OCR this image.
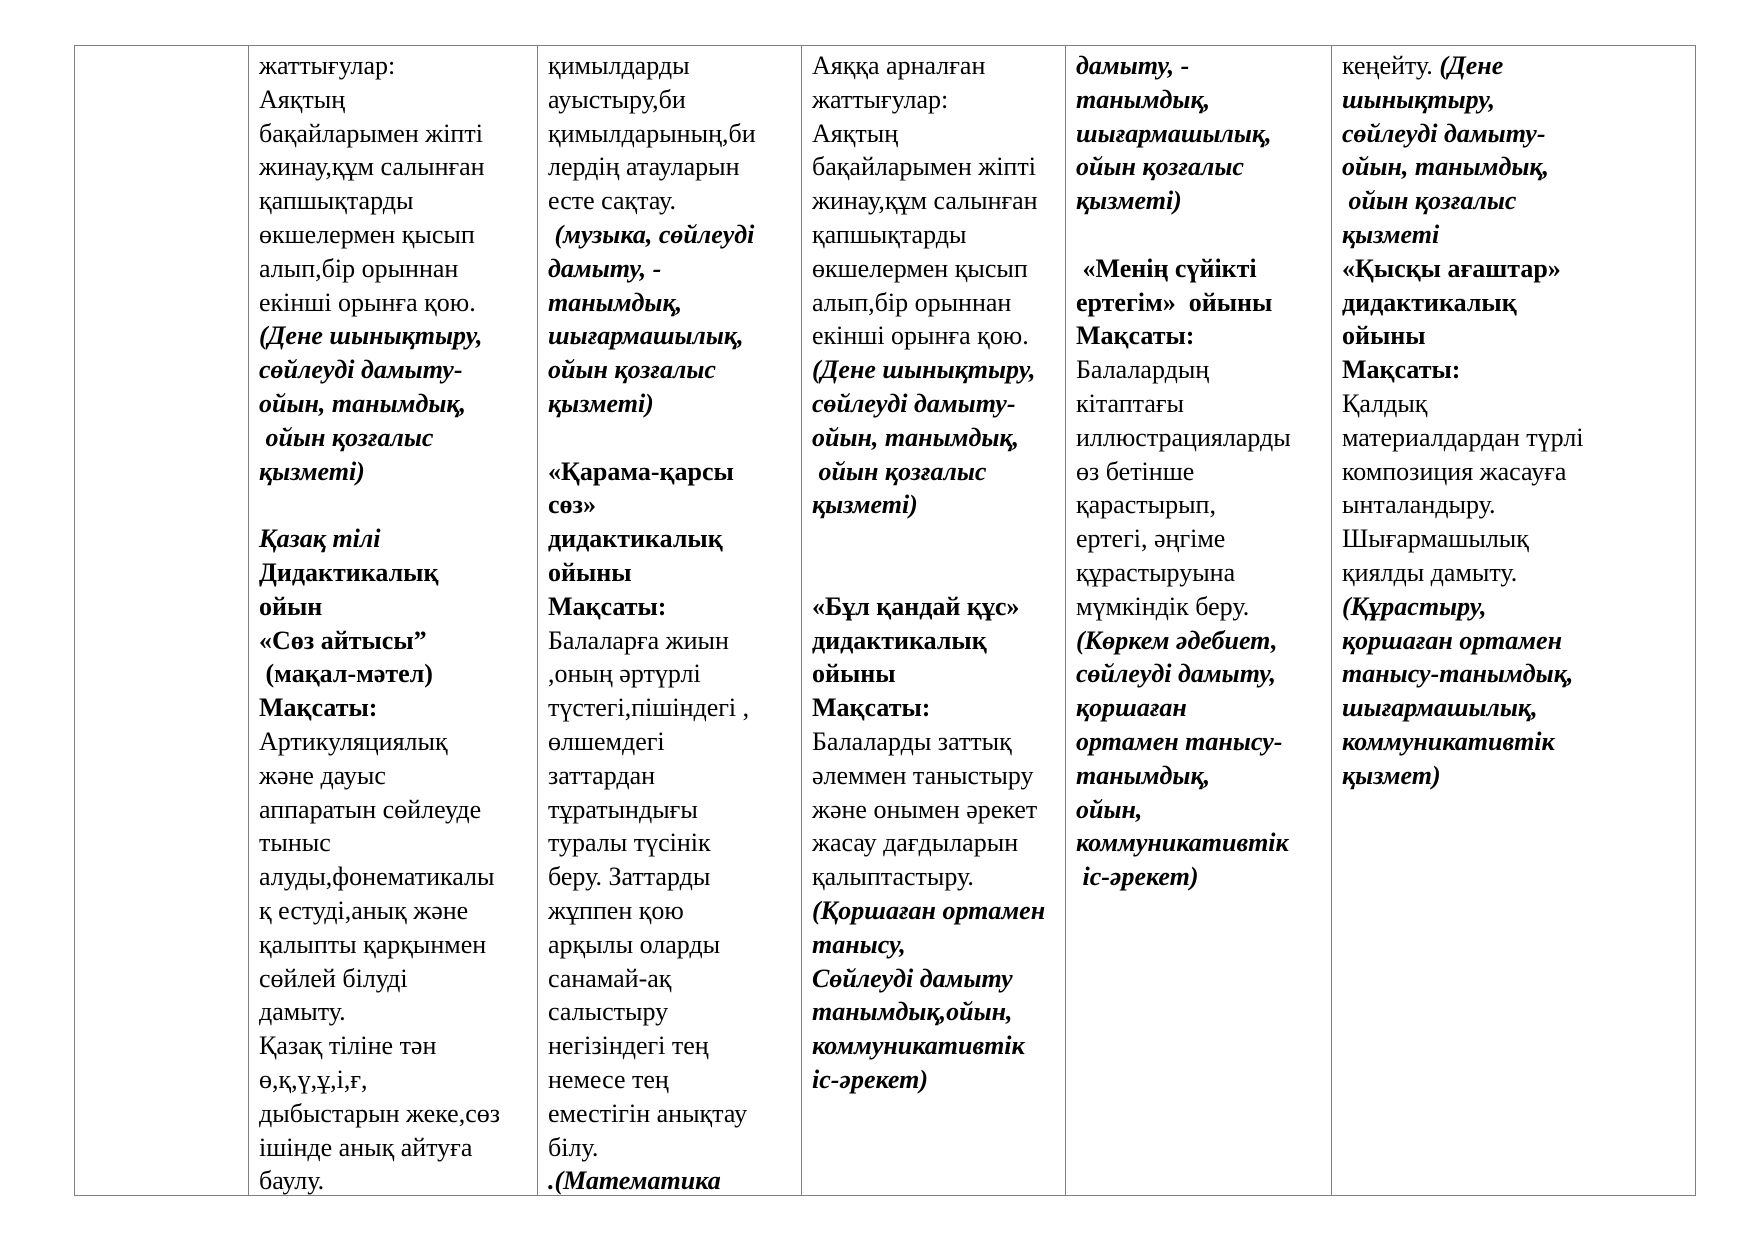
жаттығулар:
Аяқтың
бақайларымен жіпті
жинау,құм салынған
қапшықтарды
өкшелермен қысып
алып,бір орыннан
екінші орынға қою.
(Дене шынықтыру,
сөйлеуді дамыту-
ойын, танымдық,
ойын қозғалыс
қызметі)
Қазақ тілі
Дидактикалық
ойын
«Сөз айтысы”
(мақал-мәтел)
Мақсаты:
Артикуляциялық
және дауыс
аппаратын сөйлеуде
тыныс
алуды,фонематикалы
қ естуді,анық және
қалыпты қарқынмен
сөйлей білуді
дамыту.
Қазақ тіліне тән
ө,қ,ү,ұ,і,ғ,
дыбыстарын жеке,сөз
ішінде анық айтуға
баулу.
қимылдарды
ауыстыру,би
қимылдарының,би
лердің атауларын
есте сақтау.
(музыка, сөйлеуді
дамыту, -
танымдық,
шығармашылық,
ойын қозғалыс
қызметі)
«Қарама-қарсы
сөз»
дидактикалық
ойыны
Мақсаты:
Балаларға жиын
,оның әртүрлі
түстегі,пішіндегі ,
өлшемдегі
заттардан
тұратындығы
туралы түсінік
беру. Заттарды
жұппен қою
арқылы оларды
санамай-ақ
салыстыру
негізіндегі тең
немесе тең
еместігін анықтау
білу.
.(Математика
Аяққа арналған
жаттығулар:
Аяқтың
бақайларымен жіпті
жинау,құм салынған
қапшықтарды
өкшелермен қысып
алып,бір орыннан
екінші орынға қою.
(Дене шынықтыру,
сөйлеуді дамыту-
ойын, танымдық,
ойын қозғалыс
қызметі)
«Бұл қандай құс»
дидактикалық
ойыны
Мақсаты:
Балаларды заттық
әлеммен таныстыру
және онымен әрекет
жасау дағдыларын
қалыптастыру.
(Қоршаған ортамен
танысу,
Сөйлеуді дамыту
танымдық,ойын,
коммуникативтік
іс-әрекет)
дамыту, -
танымдық,
шығармашылық,
ойын қозғалыс
қызметі)
«Менің сүйікті
ертегім»  ойыны
Мақсаты:
Балалардың
кітаптағы
иллюстрацияларды
өз бетінше
қарастырып,
ертегі, әңгіме
құрастыруына
мүмкіндік беру.
(Көркем әдебиет,
сөйлеуді дамыту,
қоршаған
ортамен танысу-
танымдық,
ойын,
коммуникативтік
іс-әрекет)
кеңейту. (Дене
шынықтыру,
сөйлеуді дамыту-
ойын, танымдық,
ойын қозғалыс
қызметі
«Қысқы ағаштар»
дидактикалық
ойыны
Мақсаты:
Қалдық
материалдардан түрлі
композиция жасауға
ынталандыру.
Шығармашылық
қиялды дамыту.
(Құрастыру,
қоршаған ортамен
танысу-танымдық,
шығармашылық,
коммуникативтік
қызмет)
